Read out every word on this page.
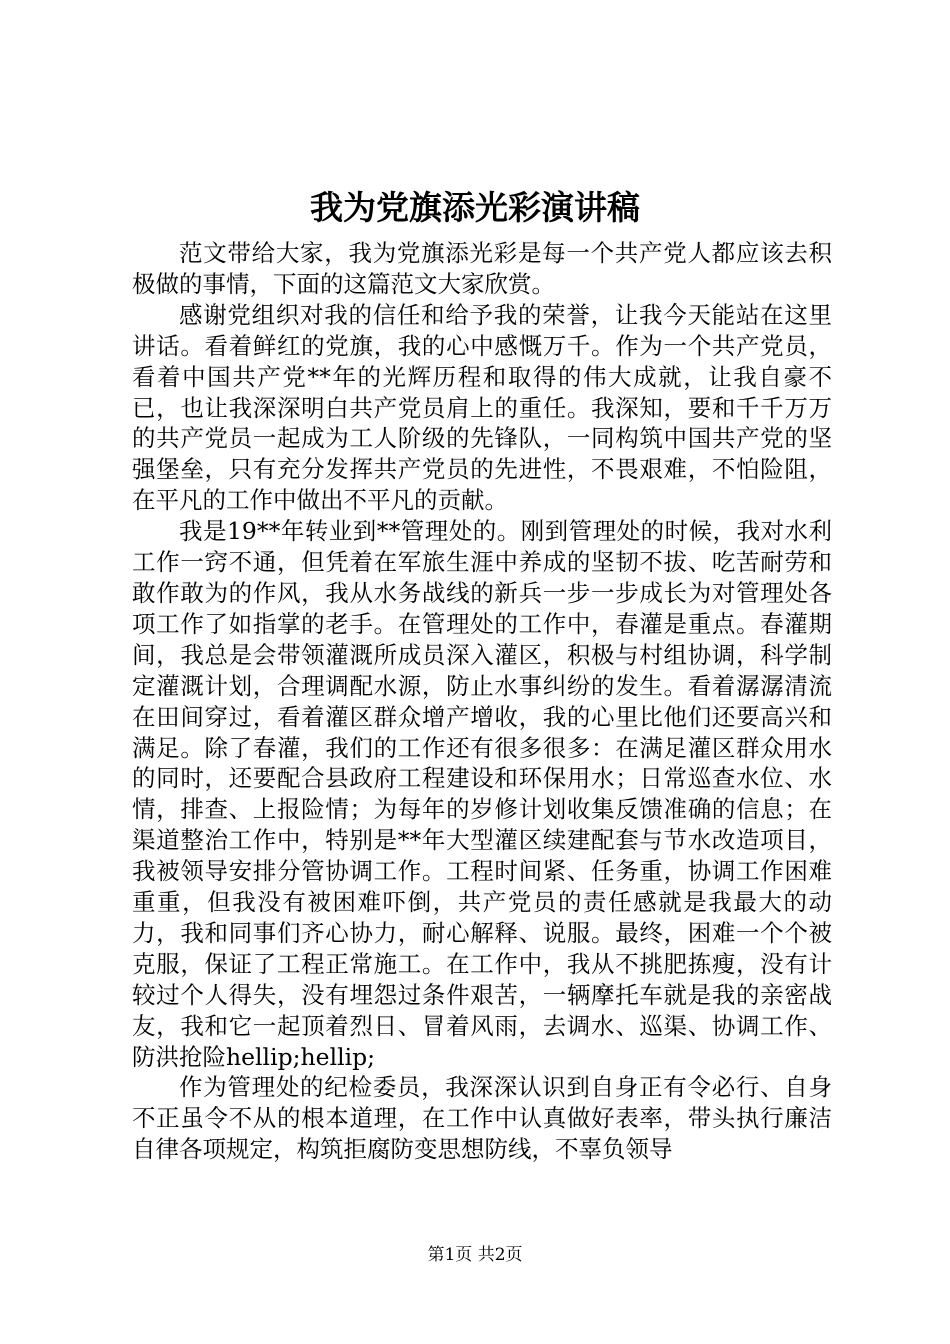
我为党旗添光彩演讲稿

范文带给大家，我为党旗添光彩是每一个共产党人都应该去积极做的事情，下面的这篇范文大家欣赏。

感谢党组织对我的信任和给予我的荣誉，让我今天能站在这里讲话。看着鲜红的党旗，我的心中感慨万千。作为一个共产党员，看着中国共产党**年的光辉历程和取得的伟大成就，让我自豪不已，也让我深深明白共产党员肩上的重任。我深知，要和千千万万的共产党员一起成为工人阶级的先锋队，一同构筑中国共产党的坚强堡垒，只有充分发挥共产党员的先进性，不畏艰难，不怕险阻，在平凡的工作中做出不平凡的贡献。

我是19**年转业到**管理处的。刚到管理处的时候，我对水利工作一窍不通，但凭着在军旅生涯中养成的坚韧不拔、吃苦耐劳和敢作敢为的作风，我从水务战线的新兵一步一步成长为对管理处各项工作了如指掌的老手。在管理处的工作中，春灌是重点。春灌期间，我总是会带领灌溉所成员深入灌区，积极与村组协调，科学制定灌溉计划，合理调配水源，防止水事纠纷的发生。看着潺潺清流在田间穿过，看着灌区群众增产增收，我的心里比他们还要高兴和满足。除了春灌，我们的工作还有很多很多：在满足灌区群众用水的同时，还要配合县政府工程建设和环保用水；日常巡查水位、水情，排查、上报险情；为每年的岁修计划收集反馈准确的信息；在渠道整治工作中，特别是**年大型灌区续建配套与节水改造项目，我被领导安排分管协调工作。工程时间紧、任务重，协调工作困难重重，但我没有被困难吓倒，共产党员的责任感就是我最大的动力，我和同事们齐心协力，耐心解释、说服。最终，困难一个个被克服，保证了工程正常施工。在工作中，我从不挑肥拣瘦，没有计较过个人得失，没有埋怨过条件艰苦，一辆摩托车就是我的亲密战友，我和它一起顶着烈日、冒着风雨，去调水、巡渠、协调工作、防洪抢险hellip;hellip;

作为管理处的纪检委员，我深深认识到自身正有令必行、自身不正虽令不从的根本道理，在工作中认真做好表率，带头执行廉洁自律各项规定，构筑拒腐防变思想防线，不辜负领导

第1页 共2页
